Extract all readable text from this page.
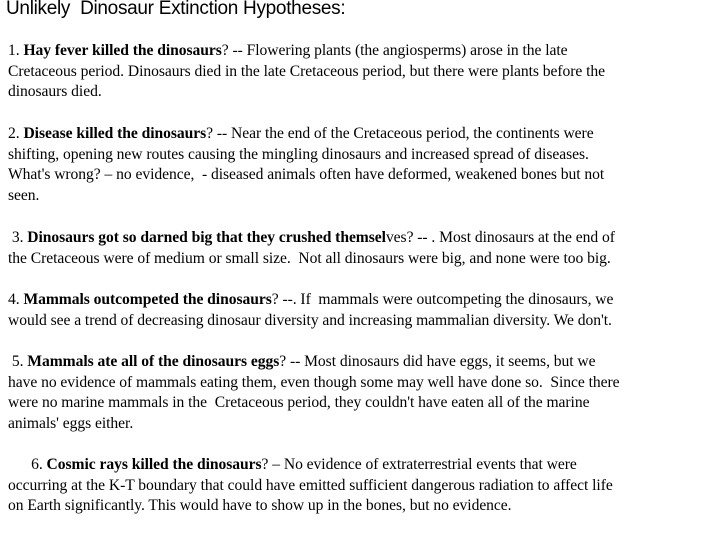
Unlikely  Dinosaur Extinction Hypotheses:
1. Hay fever killed the dinosaurs? -- Flowering plants (the angiosperms) arose in the late
Cretaceous period. Dinosaurs died in the late Cretaceous period, but there were plants before the
dinosaurs died.
2. Disease killed the dinosaurs? -- Near the end of the Cretaceous period, the continents were
shifting, opening new routes causing the mingling dinosaurs and increased spread of diseases.
What's wrong? – no evidence,  - diseased animals often have deformed, weakened bones but not
seen.
3. Dinosaurs got so darned big that they crushed themselves? -- . Most dinosaurs at the end of
the Cretaceous were of medium or small size.  Not all dinosaurs were big, and none were too big.
4. Mammals outcompeted the dinosaurs? --. If  mammals were outcompeting the dinosaurs, we
would see a trend of decreasing dinosaur diversity and increasing mammalian diversity. We don't.
5. Mammals ate all of the dinosaurs eggs? -- Most dinosaurs did have eggs, it seems, but we
have no evidence of mammals eating them, even though some may well have done so.  Since there
were no marine mammals in the  Cretaceous period, they couldn't have eaten all of the marine
animals' eggs either.
6. Cosmic rays killed the dinosaurs? – No evidence of extraterrestrial events that were
occurring at the K-T boundary that could have emitted sufficient dangerous radiation to affect life
on Earth significantly. This would have to show up in the bones, but no evidence.
